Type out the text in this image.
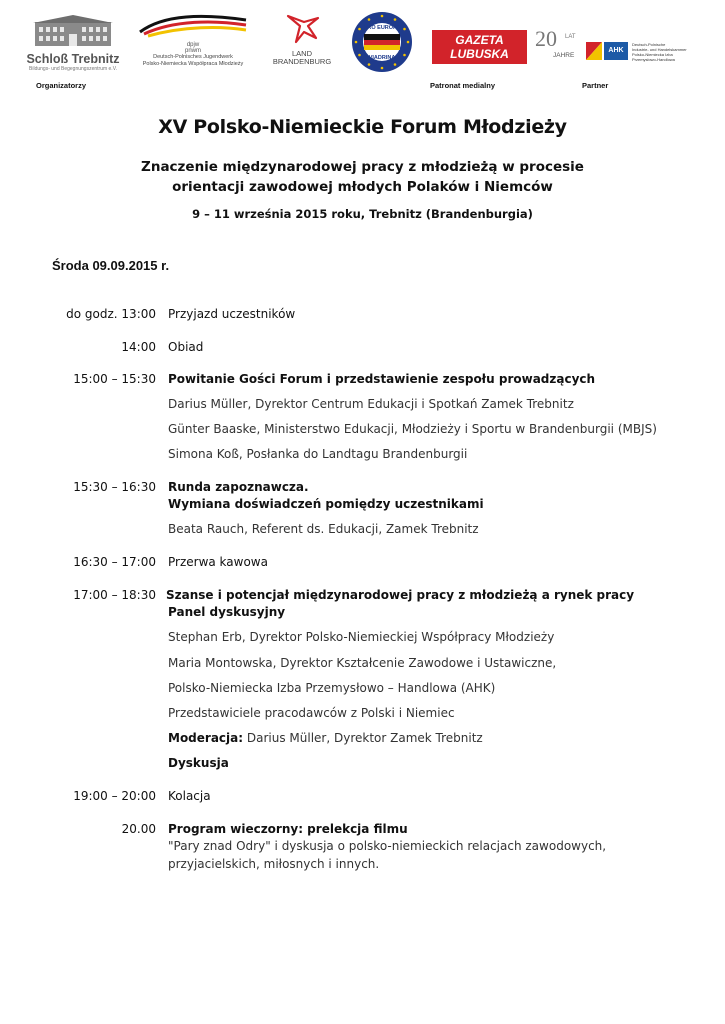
Schloß Trebnitz
Bildungs- und Begegnungszentrum e.V.
dpjw
pnwm
Deutsch-Polnisches Jugendwerk
Polsko-Niemiecka Współpraca Młodzieży
LAND
BRANDENBURG
PRO EUROPA
VIADRINA
GAZETA
LUBUSKA
20	LAT
JAHRE
AHK
Deutsch-Polnische
Industrie- und Handelskammer
Polsko-Niemiecka Izba
Przemysłowo-Handlowa
Organizatorzy	Patronat medialny	Partner
XV Polsko-Niemieckie Forum Młodzieży
Znaczenie międzynarodowej pracy z młodzieżą w procesie
orientacji zawodowej młodych Polaków i Niemców
9 – 11 września 2015 roku, Trebnitz (Brandenburgia)
Środa 09.09.2015 r.
do godz. 13:00 Przyjazd uczestników
14:00 Obiad
15:00 – 15:30 Powitanie Gości Forum i przedstawienie zespołu prowadzących
Darius Müller, Dyrektor Centrum Edukacji i Spotkań Zamek Trebnitz
Günter Baaske, Ministerstwo Edukacji, Młodzieży i Sportu w Brandenburgii (MBJS)
Simona Koß, Posłanka do Landtagu Brandenburgii
15:30 – 16:30 Runda zapoznawcza.
Wymiana doświadczeń pomiędzy uczestnikami
Beata Rauch, Referent ds. Edukacji, Zamek Trebnitz
16:30 – 17:00 Przerwa kawowa
17:00 – 18:30 Szanse i potencjał międzynarodowej pracy z młodzieżą a rynek pracy
Panel dyskusyjny
Stephan Erb, Dyrektor Polsko-Niemieckiej Współpracy Młodzieży
Maria Montowska, Dyrektor Kształcenie Zawodowe i Ustawiczne,
Polsko-Niemiecka Izba Przemysłowo – Handlowa (AHK)
Przedstawiciele pracodawców z Polski i Niemiec
Moderacja: Darius Müller, Dyrektor Zamek Trebnitz
Dyskusja
19:00 – 20:00 Kolacja
20.00 Program wieczorny: prelekcja filmu
"Pary znad Odry" i dyskusja o polsko-niemieckich relacjach zawodowych,
przyjacielskich, miłosnych i innych.
